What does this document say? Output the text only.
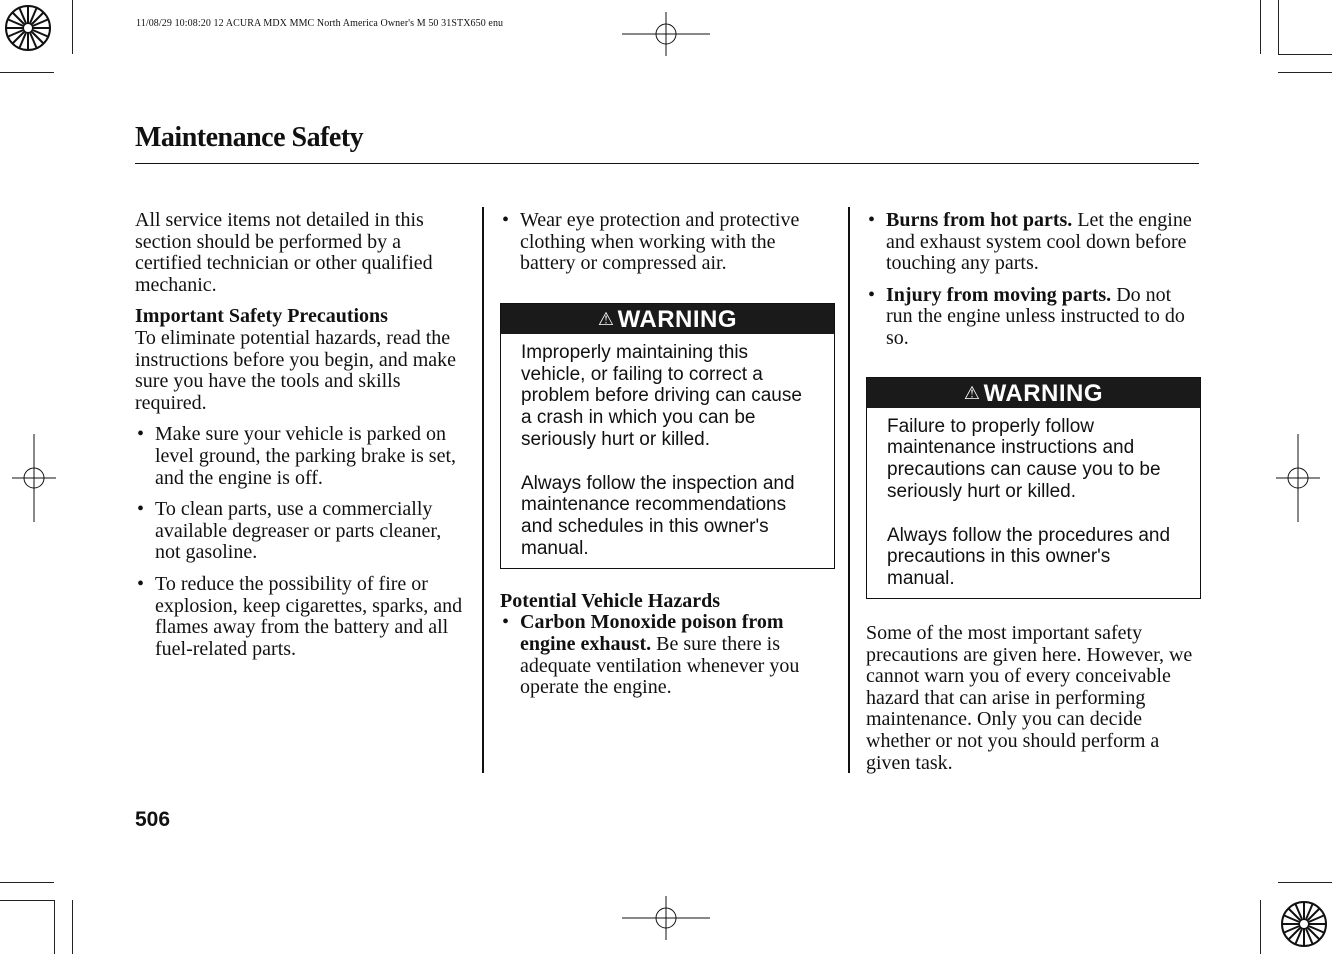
11/08/29 10:08:20 12 ACURA MDX MMC North America Owner's M 50 31STX650 enu
Maintenance Safety

All service items not detailed in this section should be performed by a certified technician or other qualified mechanic.

Important Safety Precautions

To eliminate potential hazards, read the instructions before you begin, and make sure you have the tools and skills required.

• Make sure your vehicle is parked on level ground, the parking brake is set, and the engine is off.
• To clean parts, use a commercially available degreaser or parts cleaner, not gasoline.
• To reduce the possibility of fire or explosion, keep cigarettes, sparks, and flames away from the battery and all fuel-related parts.
• Wear eye protection and protective clothing when working with the battery or compressed air.
⚠ WARNING

Improperly maintaining this vehicle, or failing to correct a problem before driving can cause a crash in which you can be seriously hurt or killed.

Always follow the inspection and maintenance recommendations and schedules in this owner's manual.

Potential Vehicle Hazards

• Carbon Monoxide poison from engine exhaust. Be sure there is adequate ventilation whenever you operate the engine.
• Burns from hot parts. Let the engine and exhaust system cool down before touching any parts.
• Injury from moving parts. Do not run the engine unless instructed to do so.
⚠ WARNING

Failure to properly follow maintenance instructions and precautions can cause you to be seriously hurt or killed.

Always follow the procedures and precautions in this owner's manual.

Some of the most important safety precautions are given here. However, we cannot warn you of every conceivable hazard that can arise in performing maintenance. Only you can decide whether or not you should perform a given task.

506
